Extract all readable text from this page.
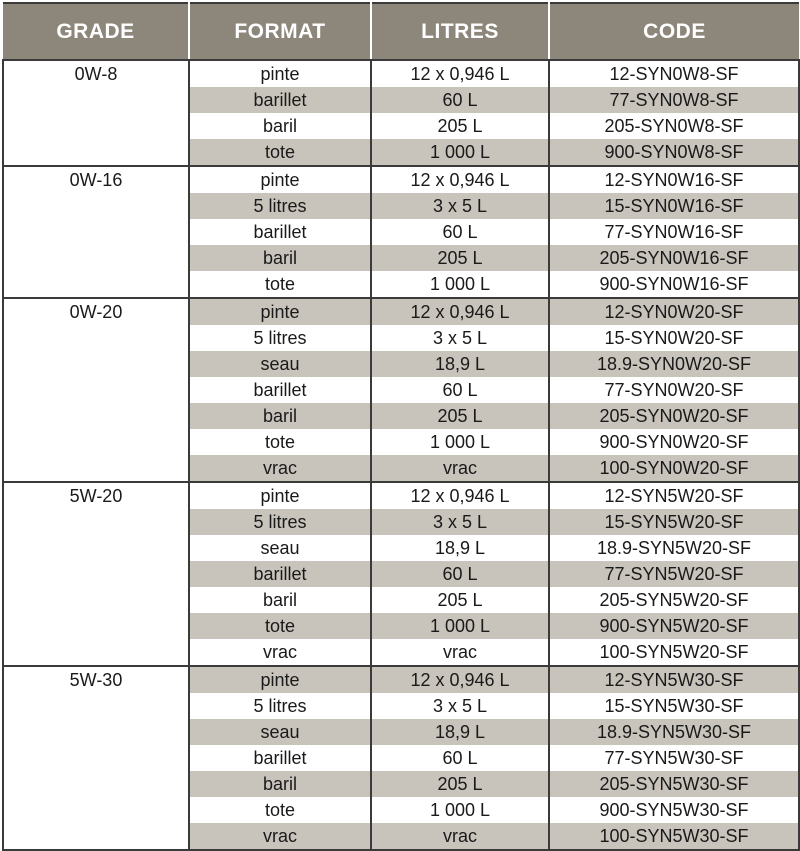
GRADE	FORMAT	LITRES	CODE
0W-8	pinte	12 x 0,946 L	12-SYN0W8-SF
	barillet	60 L	77-SYN0W8-SF
	baril	205 L	205-SYN0W8-SF
	tote	1 000 L	900-SYN0W8-SF
0W-16	pinte	12 x 0,946 L	12-SYN0W16-SF
	5 litres	3 x 5 L	15-SYN0W16-SF
	barillet	60 L	77-SYN0W16-SF
	baril	205 L	205-SYN0W16-SF
	tote	1 000 L	900-SYN0W16-SF
0W-20	pinte	12 x 0,946 L	12-SYN0W20-SF
	5 litres	3 x 5 L	15-SYN0W20-SF
	seau	18,9 L	18.9-SYN0W20-SF
	barillet	60 L	77-SYN0W20-SF
	baril	205 L	205-SYN0W20-SF
	tote	1 000 L	900-SYN0W20-SF
	vrac	vrac	100-SYN0W20-SF
5W-20	pinte	12 x 0,946 L	12-SYN5W20-SF
	5 litres	3 x 5 L	15-SYN5W20-SF
	seau	18,9 L	18.9-SYN5W20-SF
	barillet	60 L	77-SYN5W20-SF
	baril	205 L	205-SYN5W20-SF
	tote	1 000 L	900-SYN5W20-SF
	vrac	vrac	100-SYN5W20-SF
5W-30	pinte	12 x 0,946 L	12-SYN5W30-SF
	5 litres	3 x 5 L	15-SYN5W30-SF
	seau	18,9 L	18.9-SYN5W30-SF
	barillet	60 L	77-SYN5W30-SF
	baril	205 L	205-SYN5W30-SF
	tote	1 000 L	900-SYN5W30-SF
	vrac	vrac	100-SYN5W30-SF
